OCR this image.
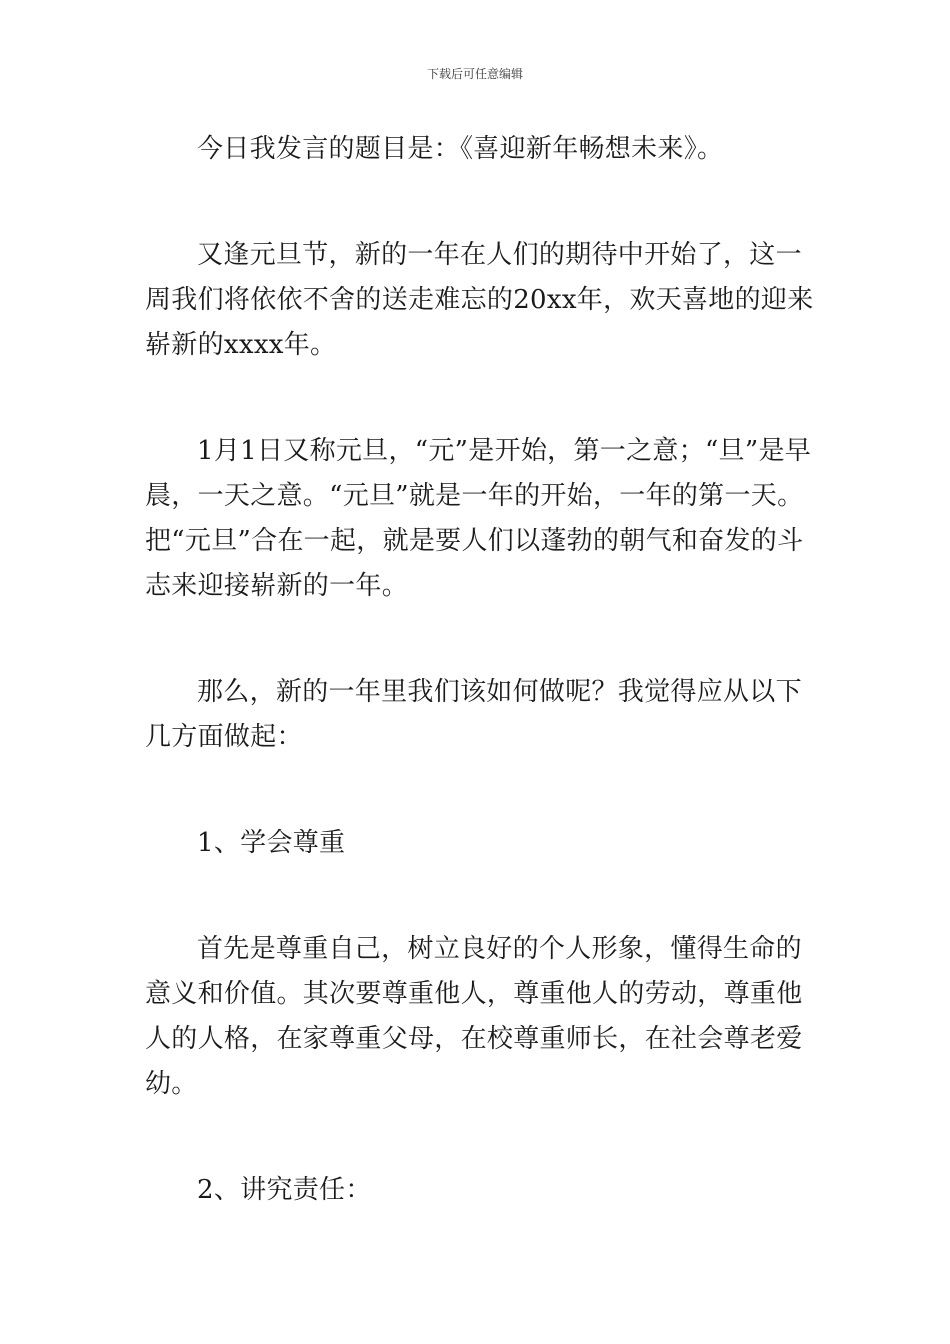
下载后可任意编辑

今日我发言的题目是：《喜迎新年畅想未来》。

又逢元旦节，新的一年在人们的期待中开始了，这一周我们将依依不舍的送走难忘的20xx年，欢天喜地的迎来崭新的xxxx年。

1月1日又称元旦，“元”是开始，第一之意；“旦”是早晨，一天之意。“元旦”就是一年的开始，一年的第一天。把“元旦”合在一起，就是要人们以蓬勃的朝气和奋发的斗志来迎接崭新的一年。

那么，新的一年里我们该如何做呢？我觉得应从以下几方面做起：

1、学会尊重

首先是尊重自己，树立良好的个人形象，懂得生命的意义和价值。其次要尊重他人，尊重他人的劳动，尊重他人的人格，在家尊重父母，在校尊重师长，在社会尊老爱幼。

2、讲究责任：
